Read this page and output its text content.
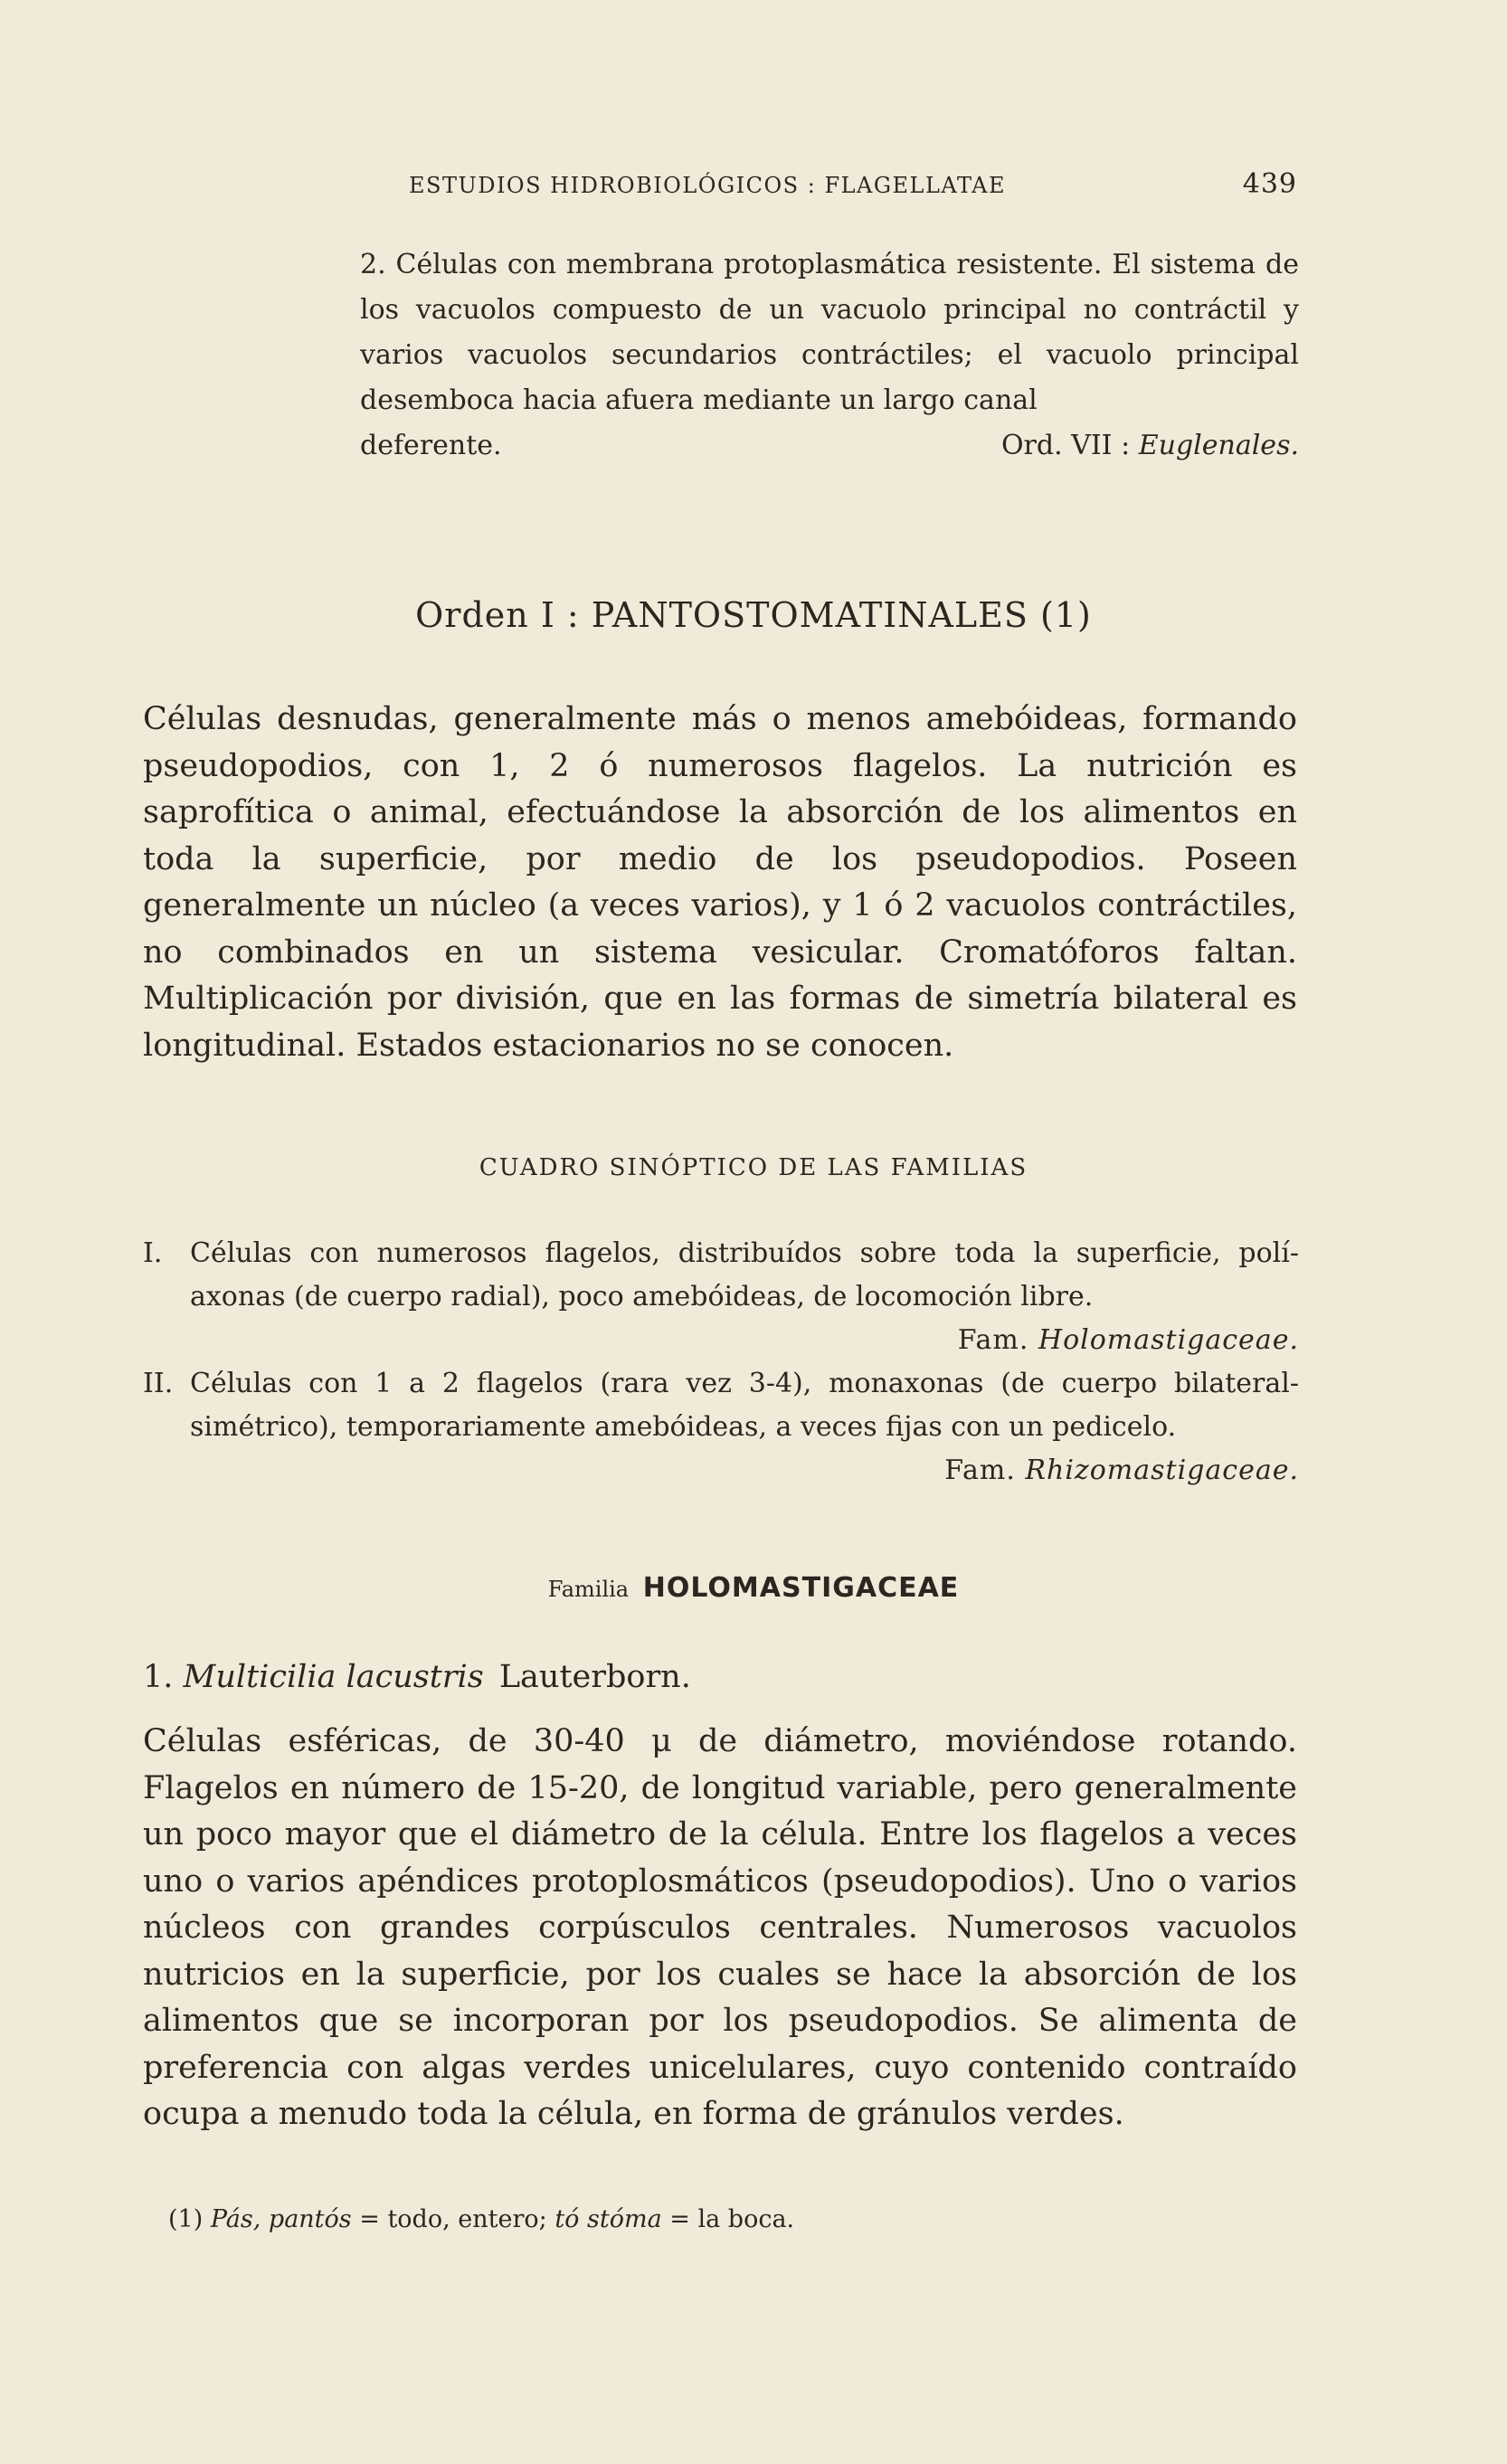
ESTUDIOS HIDROBIOLÓGICOS : FLAGELLATAE	439

2. Células con membrana protoplasmática resistente. El sistema de los vacuolos compuesto de un vacuolo principal no contráctil y varios vacuolos secundarios contráctiles; el vacuolo principal desemboca hacia afuera mediante un largo canal

deferente.	Ord. VII : Euglenales.
Orden I : PANTOSTOMATINALES (1)

Células desnudas, generalmente más o menos amebóideas, formando pseudopodios, con 1, 2 ó numerosos flagelos. La nutrición es saprofítica o animal, efectuándose la absorción de los alimentos en toda la superficie, por medio de los pseudopodios. Poseen generalmente un núcleo (a veces varios), y 1 ó 2 vacuolos contráctiles, no combinados en un sistema vesicular. Cromatóforos faltan. Multiplicación por división, que en las formas de simetría bilateral es longitudinal. Estados estacionarios no se conocen.

CUADRO SINÓPTICO DE LAS FAMILIAS
I. Células con numerosos flagelos, distribuídos sobre toda la superficie, polí-axonas (de cuerpo radial), poco amebóideas, de locomoción libre.
Fam. Holomastigaceae.
II. Células con 1 a 2 flagelos (rara vez 3-4), monaxonas (de cuerpo bilateral-simétrico), temporariamente amebóideas, a veces fijas con un pedicelo.
Fam. Rhizomastigaceae.
Familia HOLOMASTIGACEAE
1. Multicilia lacustris Lauterborn.

Células esféricas, de 30-40 μ de diámetro, moviéndose rotando. Flagelos en número de 15-20, de longitud variable, pero generalmente un poco mayor que el diámetro de la célula. Entre los flagelos a veces uno o varios apéndices protoplosmáticos (pseudopodios). Uno o varios núcleos con grandes corpúsculos centrales. Numerosos vacuolos nutricios en la superficie, por los cuales se hace la absorción de los alimentos que se incorporan por los pseudopodios. Se alimenta de preferencia con algas verdes unicelulares, cuyo contenido contraído ocupa a menudo toda la célula, en forma de gránulos verdes.

(1) Pás, pantós = todo, entero; tó stóma = la boca.
